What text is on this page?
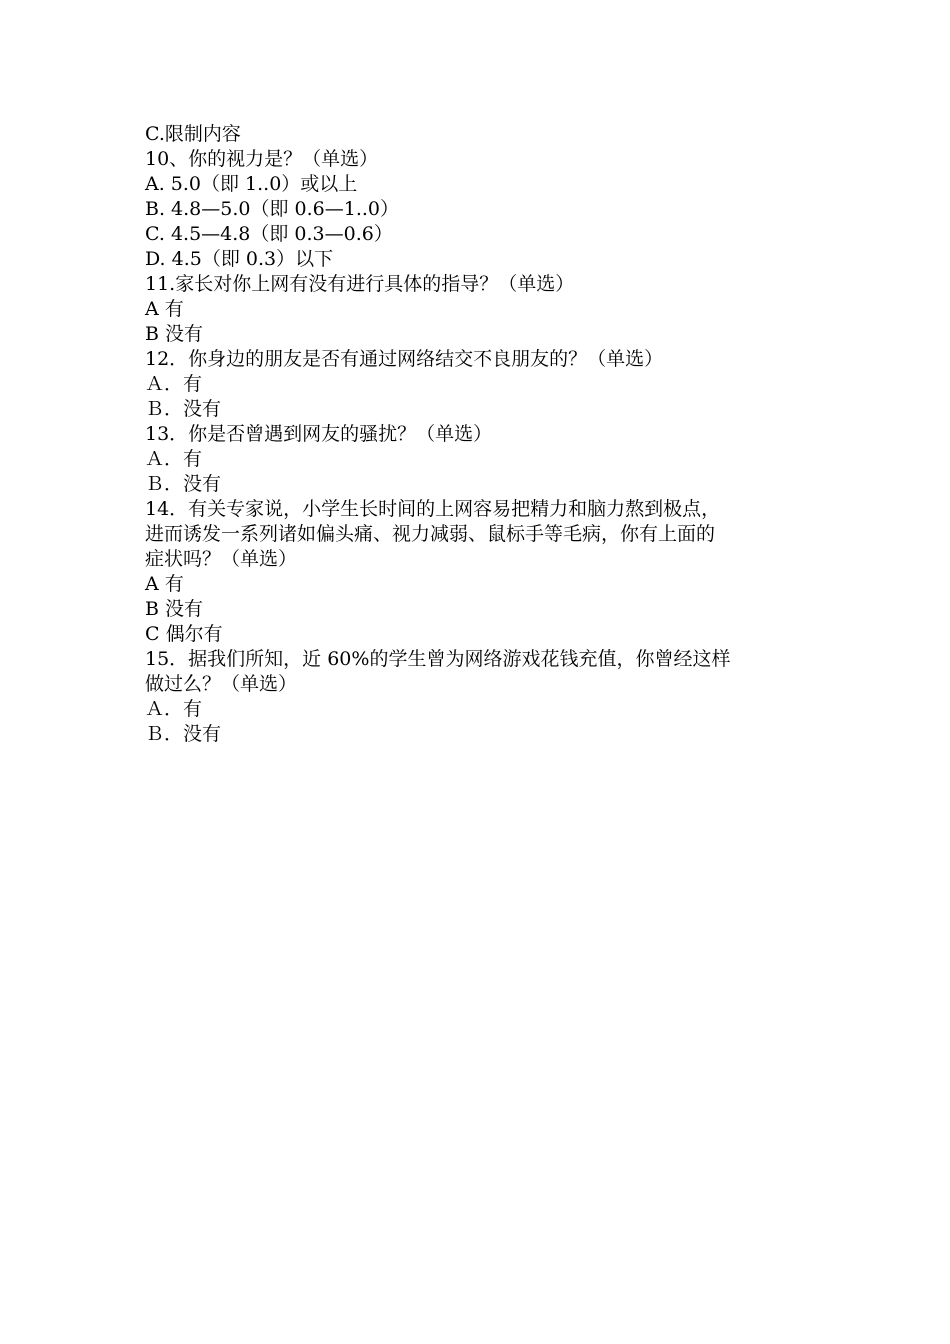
C.限制内容
10、你的视力是？（单选）
A. 5.0（即 1..0）或以上
B. 4.8—5.0（即 0.6—1..0）
C. 4.5—4.8（即 0.3—0.6）
D. 4.5（即 0.3）以下
11.家长对你上网有没有进行具体的指导？（单选）
A 有
B 没有
12．你身边的朋友是否有通过网络结交不良朋友的？（单选）
Ａ．有
Ｂ．没有
13．你是否曾遇到网友的骚扰？（单选）
Ａ．有
Ｂ．没有
14．有关专家说，小学生长时间的上网容易把精力和脑力熬到极点，
进而诱发一系列诸如偏头痛、视力减弱、鼠标手等毛病，你有上面的
症状吗？（单选）
A 有
B 没有
C 偶尔有
15．据我们所知，近 60%的学生曾为网络游戏花钱充值，你曾经这样
做过么？（单选）
Ａ．有
Ｂ．没有
